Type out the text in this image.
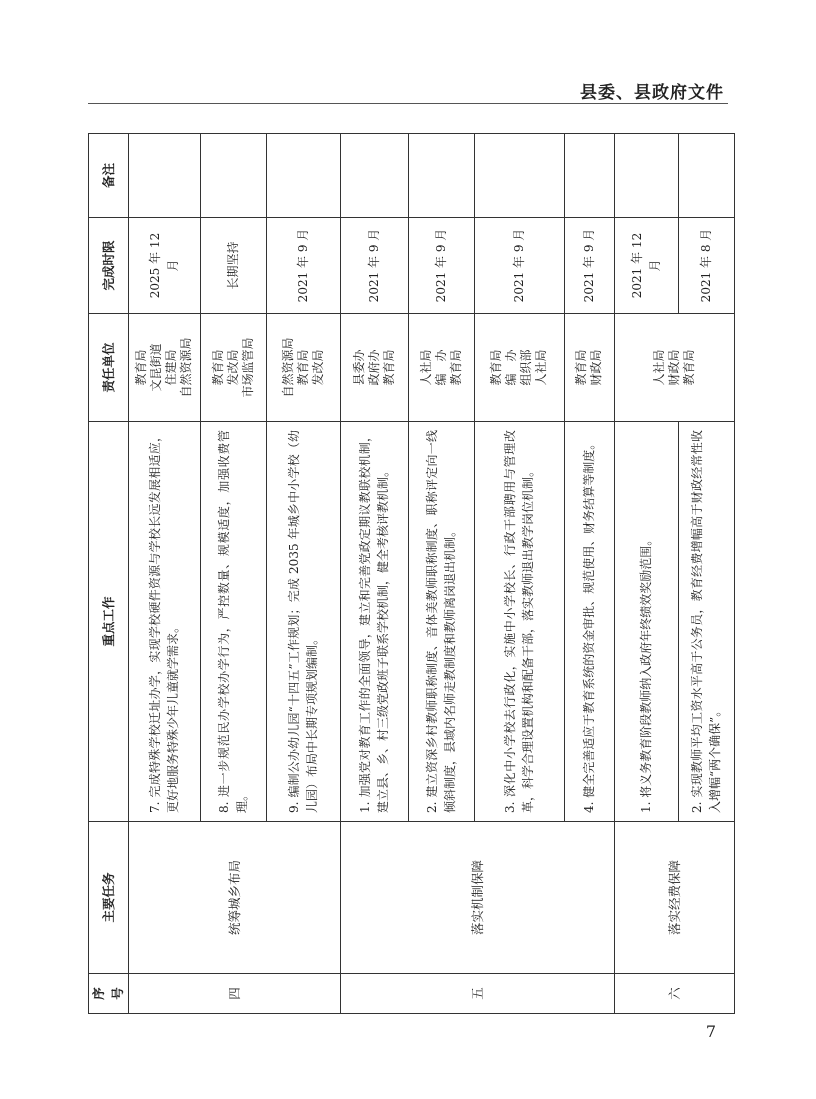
县委、县政府文件
序号	主要任务	重点工作	责任单位	完成时限	备注
四	统筹城乡布局	7. 完成特殊学校迁址办学，实现学校硬件资源与学校长远发展相适应，更好地服务特殊少年儿童就学需求。	教育局 文昆街道 住建局 自然资源局	2025 年 12 月	
		8. 进一步规范民办学校办学行为，严控数量、规模适度，加强收费管理。	教育局 发改局 市场监管局	长期坚持	
		9. 编制公办幼儿园“十四五”工作规划；完成 2035 年城乡中小学校（幼儿园）布局中长期专项规划编制。	自然资源局 教育局 发改局	2021 年 9 月	
五	落实机制保障	1. 加强党对教育工作的全面领导，建立和完善党政定期议教联校机制，建立县、乡、村三级党政班子联系学校机制，健全考核评教机制。	县委办 政府办 教育局	2021 年 9 月	
		2. 建立资深乡村教师职称制度、音体美教师职称制度、职称评定向一线倾斜制度，县域内名师走教制度和教师离岗退出机制。	人社局 编　办 教育局	2021 年 9 月	
		3. 深化中小学校去行政化，实施中小学校长、行政干部聘用与管理改革，科学合理设置机构和配备干部，落实教师退出教学岗位机制。	教育局 编　办 组织部 人社局	2021 年 9 月	
		4. 健全完善适应于教育系统的资金审批、规范使用、财务结算等制度。	教育局 财政局	2021 年 9 月	
六	落实经费保障	1. 将义务教育阶段教师纳入政府年终绩效奖励范围。	人社局 财政局 教育局	2021 年 12 月	
		2. 实现教师平均工资水平高于公务员，教育经费增幅高于财政经常性收入增幅“两个确保”。		2021 年 8 月	
7
